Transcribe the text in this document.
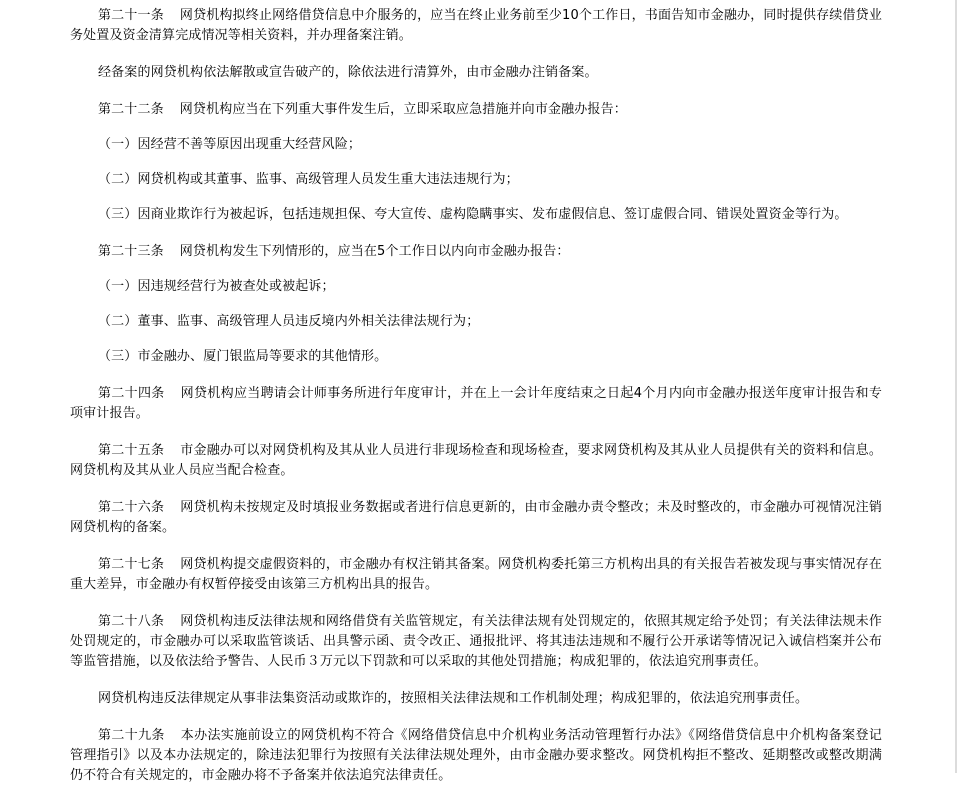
第二十一条 网贷机构拟终止网络借贷信息中介服务的，应当在终止业务前至少10个工作日，书面告知市金融办，同时提供存续借贷业务处置及资金清算完成情况等相关资料，并办理备案注销。

经备案的网贷机构依法解散或宣告破产的，除依法进行清算外，由市金融办注销备案。

第二十二条 网贷机构应当在下列重大事件发生后，立即采取应急措施并向市金融办报告：

（一）因经营不善等原因出现重大经营风险；

（二）网贷机构或其董事、监事、高级管理人员发生重大违法违规行为；

（三）因商业欺诈行为被起诉，包括违规担保、夸大宣传、虚构隐瞒事实、发布虚假信息、签订虚假合同、错误处置资金等行为。

第二十三条 网贷机构发生下列情形的，应当在5个工作日以内向市金融办报告：

（一）因违规经营行为被查处或被起诉；

（二）董事、监事、高级管理人员违反境内外相关法律法规行为；

（三）市金融办、厦门银监局等要求的其他情形。

第二十四条 网贷机构应当聘请会计师事务所进行年度审计，并在上一会计年度结束之日起4个月内向市金融办报送年度审计报告和专项审计报告。

第二十五条 市金融办可以对网贷机构及其从业人员进行非现场检查和现场检查，要求网贷机构及其从业人员提供有关的资料和信息。网贷机构及其从业人员应当配合检查。

第二十六条 网贷机构未按规定及时填报业务数据或者进行信息更新的，由市金融办责令整改；未及时整改的，市金融办可视情况注销网贷机构的备案。

第二十七条 网贷机构提交虚假资料的，市金融办有权注销其备案。网贷机构委托第三方机构出具的有关报告若被发现与事实情况存在重大差异，市金融办有权暂停接受由该第三方机构出具的报告。

第二十八条 网贷机构违反法律法规和网络借贷有关监管规定，有关法律法规有处罚规定的，依照其规定给予处罚；有关法律法规未作处罚规定的，市金融办可以采取监管谈话、出具警示函、责令改正、通报批评、将其违法违规和不履行公开承诺等情况记入诚信档案并公布等监管措施，以及依法给予警告、人民币３万元以下罚款和可以采取的其他处罚措施；构成犯罪的，依法追究刑事责任。

网贷机构违反法律规定从事非法集资活动或欺诈的，按照相关法律法规和工作机制处理；构成犯罪的，依法追究刑事责任。

第二十九条 本办法实施前设立的网贷机构不符合《网络借贷信息中介机构业务活动管理暂行办法》《网络借贷信息中介机构备案登记管理指引》以及本办法规定的，除违法犯罪行为按照有关法律法规处理外，由市金融办要求整改。网贷机构拒不整改、延期整改或整改期满仍不符合有关规定的，市金融办将不予备案并依法追究法律责任。
